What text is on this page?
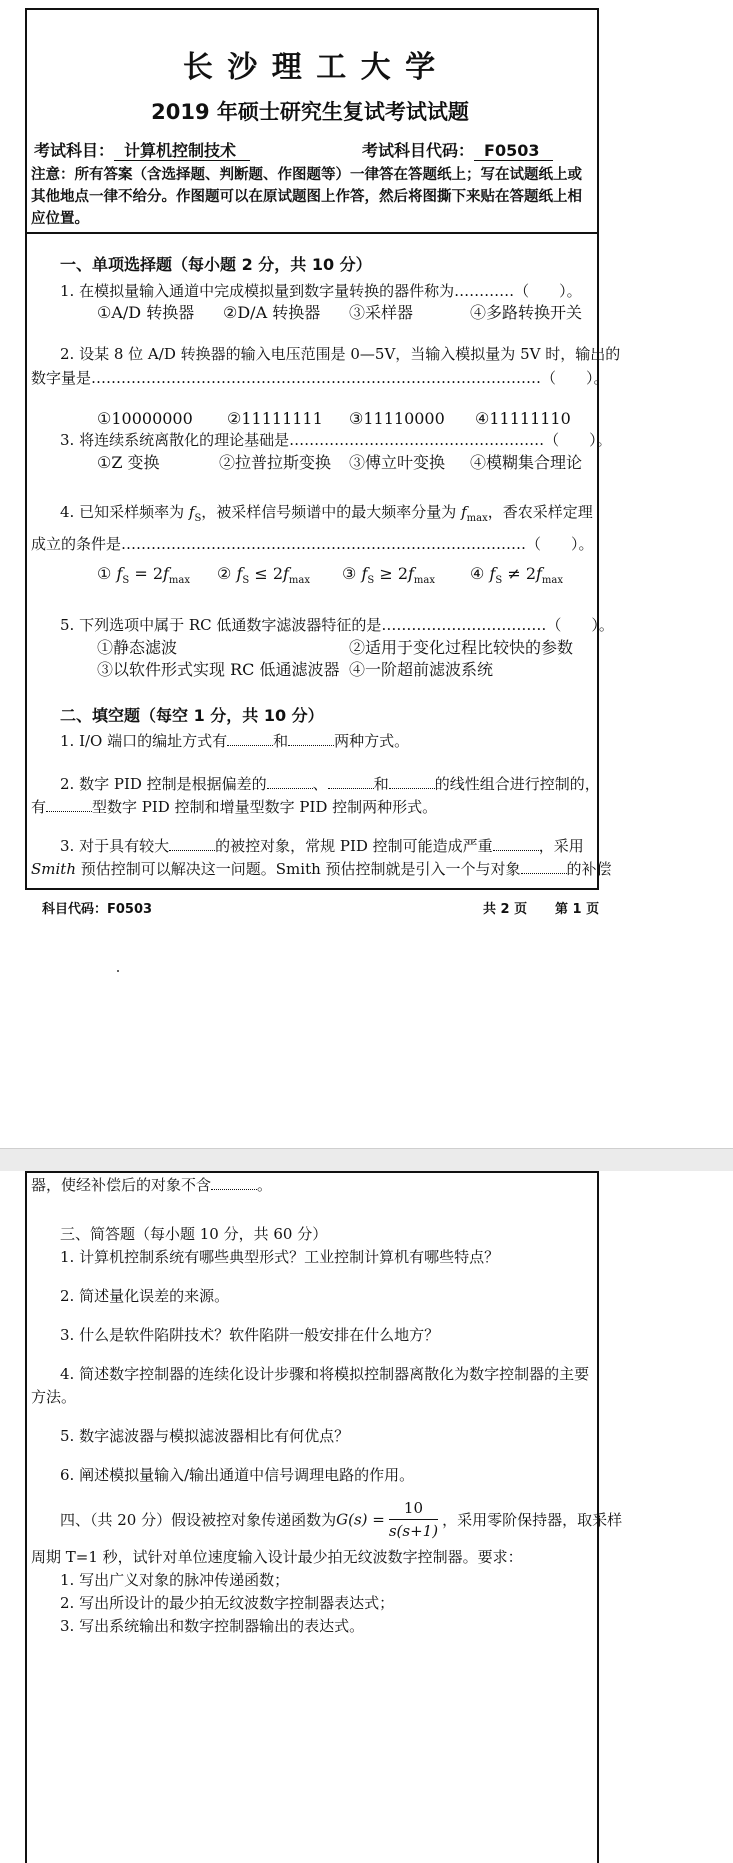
长 沙 理 工 大 学
2019 年硕士研究生复试考试试题
考试科目： 计算机控制技术	考试科目代码： F0503
注意：所有答案（含选择题、判断题、作图题等）一律答在答题纸上；写在试题纸上或
其他地点一律不给分。作图题可以在原试题图上作答，然后将图撕下来贴在答题纸上相
应位置。
一、单项选择题（每小题 2 分，共 10 分）
1. 在模拟量输入通道中完成模拟量到数字量转换的器件称为…………（　　）。
①A/D 转换器 ②D/A 转换器 ③采样器	④多路转换开关
2. 设某 8 位 A/D 转换器的输入电压范围是 0—5V，当输入模拟量为 5V 时，输出的
数字量是………………………………………………………………………………（　　）。
①10000000 ②11111111 ③11110000 ④11111110
3. 将连续系统离散化的理论基础是……………………………………………（　　）。
①Z 变换	②拉普拉斯变换 ③傅立叶变换 ④模糊集合理论
4. 已知采样频率为 $f_S$，被采样信号频谱中的最大频率分量为 $f_{max}$，香农采样定理
成立的条件是………………………………………………………………………（　　）。
① $f_S = 2f_{max}$ ② $f_S \le 2f_{max}$ ③ $f_S \ge 2f_{max}$ ④ $f_S \ne 2f_{max}$
5. 下列选项中属于 RC 低通数字滤波器特征的是……………………………（　　）。
①静态滤波	②适用于变化过程比较快的参数
③以软件形式实现 RC 低通滤波器 ④一阶超前滤波系统
二、填空题（每空 1 分，共 10 分）
1. I/O 端口的编址方式有	和	两种方式。
2. 数字 PID 控制是根据偏差的	、	和	的线性组合进行控制的，
有	型数字 PID 控制和增量型数字 PID 控制两种形式。
3. 对于具有较大	的被控对象，常规 PID 控制可能造成严重	，采用
Smith 预估控制可以解决这一问题。Smith 预估控制就是引入一个与对象	的补偿
科目代码：F0503	共 2 页 第 1 页
器，使经补偿后的对象不含	。
三、简答题（每小题 10 分，共 60 分）
1. 计算机控制系统有哪些典型形式？工业控制计算机有哪些特点？
2. 简述量化误差的来源。
3. 什么是软件陷阱技术？软件陷阱一般安排在什么地方？
4. 简述数字控制器的连续化设计步骤和将模拟控制器离散化为数字控制器的主要
方法。
5. 数字滤波器与模拟滤波器相比有何优点？
6. 阐述模拟量输入/输出通道中信号调理电路的作用。
四、（共 20 分）假设被控对象传递函数为$G(s) = \frac{10}{s(s+1)}$ ，采用零阶保持器，取采样
周期 T=1 秒，试针对单位速度输入设计最少拍无纹波数字控制器。要求：
1. 写出广义对象的脉冲传递函数；
2. 写出所设计的最少拍无纹波数字控制器表达式；
3. 写出系统输出和数字控制器输出的表达式。
